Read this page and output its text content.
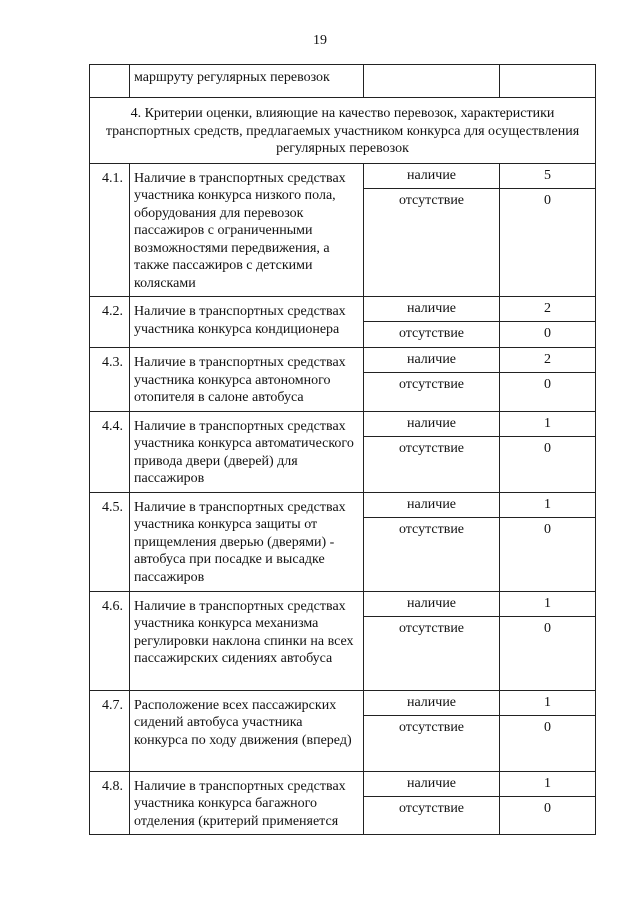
19
	маршруту регулярных перевозок		
4. Критерии оценки, влияющие на качество перевозок, характеристики транспортных средств, предлагаемых участником конкурса для осуществления регулярных перевозок			
4.1.	Наличие в транспортных средствах участника конкурса низкого пола, оборудования для перевозок пассажиров с ограниченными возможностями передвижения, а также пассажиров с детскими колясками	наличие	5
		отсутствие	0
4.2.	Наличие в транспортных средствах участника конкурса кондиционера	наличие	2
		отсутствие	0
4.3.	Наличие в транспортных средствах участника конкурса автономного отопителя в салоне автобуса	наличие	2
		отсутствие	0
4.4.	Наличие в транспортных средствах участника конкурса автоматического привода двери (дверей) для пассажиров	наличие	1
		отсутствие	0
4.5.	Наличие в транспортных средствах участника конкурса защиты от прищемления дверью (дверями) - автобуса при посадке и высадке пассажиров	наличие	1
		отсутствие	0
4.6.	Наличие в транспортных средствах участника конкурса механизма регулировки наклона спинки на всех пассажирских сидениях автобуса	наличие	1
		отсутствие	0
4.7.	Расположение всех пассажирских сидений автобуса участника конкурса по ходу движения (вперед)	наличие	1
		отсутствие	0
4.8.	Наличие в транспортных средствах участника конкурса багажного отделения (критерий применяется	наличие	1
		отсутствие	0
